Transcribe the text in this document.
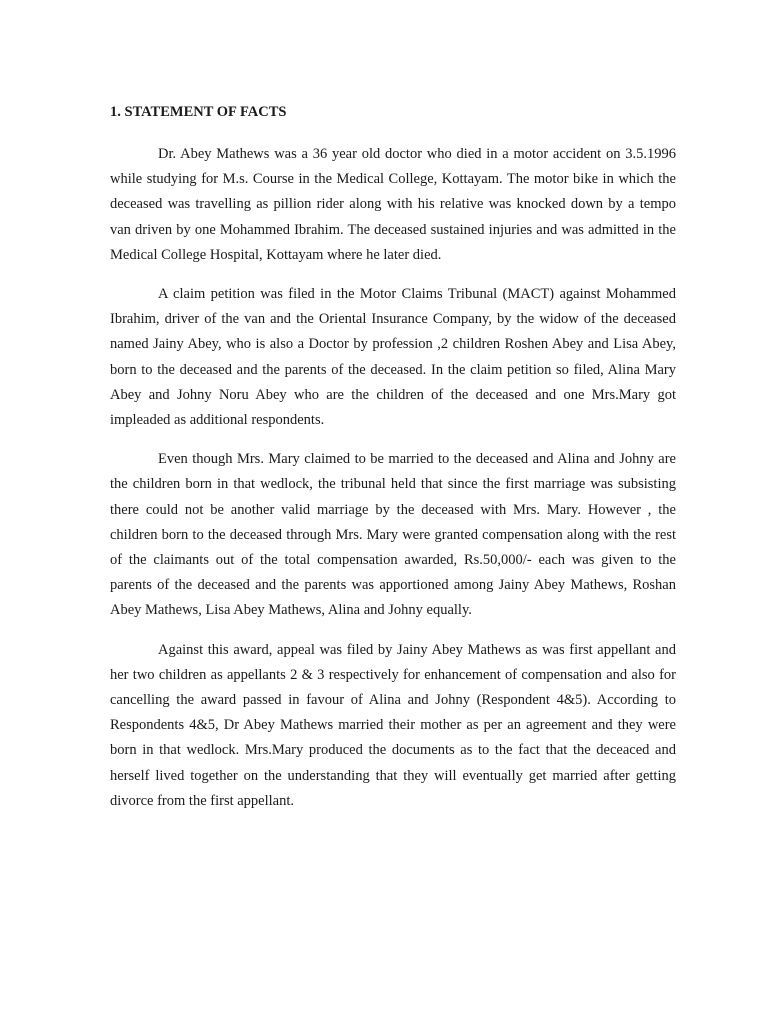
1. STATEMENT OF FACTS

Dr. Abey Mathews was a 36 year old doctor who died in a motor accident on 3.5.1996 while studying for M.s. Course in the Medical College, Kottayam. The motor bike in which the deceased was travelling as pillion rider along with his relative was knocked down by a tempo van driven by one Mohammed Ibrahim. The deceased sustained injuries and was admitted in the Medical College Hospital, Kottayam where he later died.

A claim petition was filed in the Motor Claims Tribunal (MACT) against Mohammed Ibrahim, driver of the van and the Oriental Insurance Company, by the widow of the deceased named Jainy Abey, who is also a Doctor by profession ,2 children Roshen Abey and Lisa Abey, born to the deceased and the parents of the deceased. In the claim petition so filed, Alina Mary Abey and Johny Noru Abey who are the children of the deceased and one Mrs.Mary got impleaded as additional respondents.

Even though Mrs. Mary claimed to be married to the deceased and Alina and Johny are the children born in that wedlock, the tribunal held that since the first marriage was subsisting there could not be another valid marriage by the deceased with Mrs. Mary. However , the children born to the deceased through Mrs. Mary were granted compensation along with the rest of the claimants out of the total compensation awarded, Rs.50,000/- each was given to the parents of the deceased and the parents was apportioned among Jainy Abey Mathews, Roshan Abey Mathews, Lisa Abey Mathews, Alina and Johny equally.

Against this award, appeal was filed by Jainy Abey Mathews as was first appellant and her two children as appellants 2 & 3 respectively for enhancement of compensation and also for cancelling the award passed in favour of Alina and Johny (Respondent 4&5). According to Respondents 4&5, Dr Abey Mathews married their mother as per an agreement and they were born in that wedlock. Mrs.Mary produced the documents as to the fact that the deceaced and herself lived together on the understanding that they will eventually get married after getting divorce from the first appellant.
